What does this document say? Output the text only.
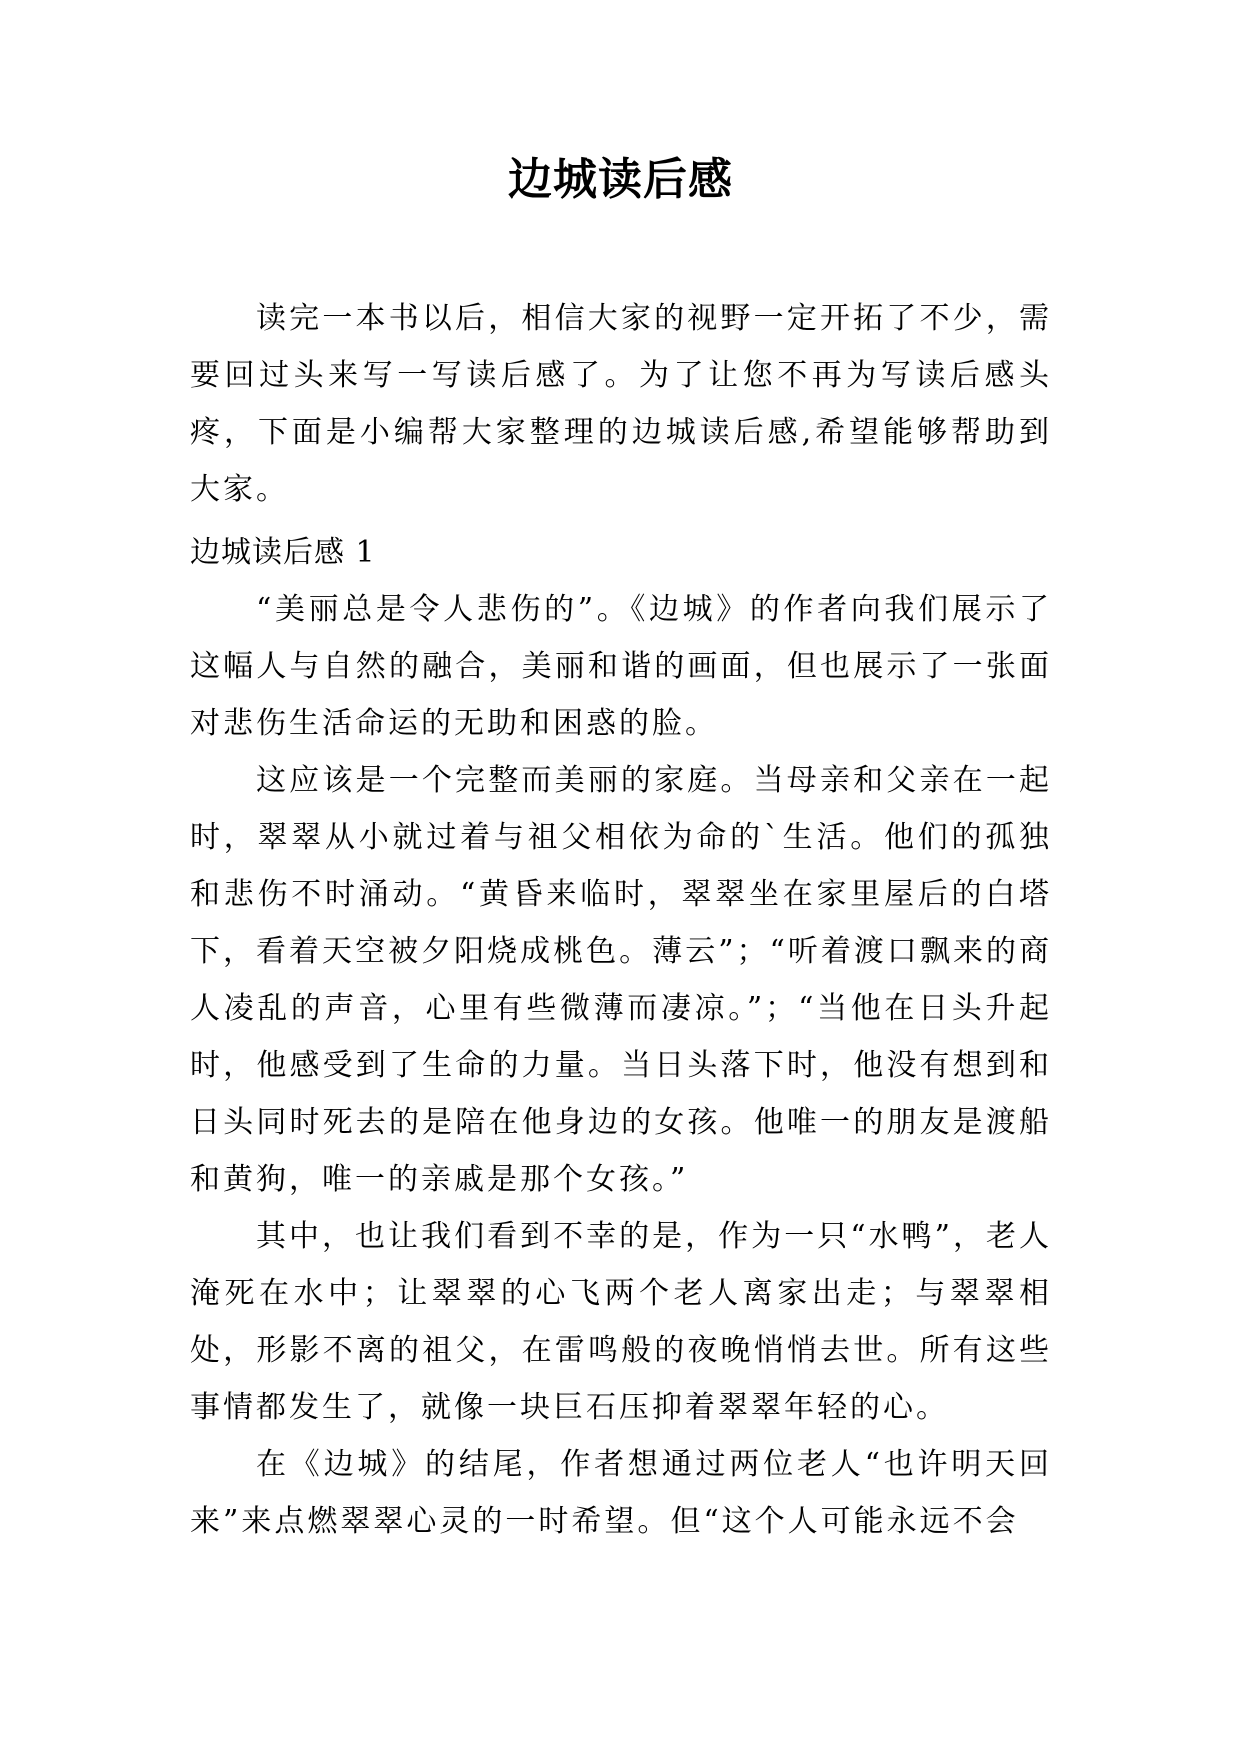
边城读后感

读完一本书以后，相信大家的视野一定开拓了不少，需要回过头来写一写读后感了。为了让您不再为写读后感头疼，下面是小编帮大家整理的边城读后感,希望能够帮助到大家。

边城读后感 1

“美丽总是令人悲伤的”。《边城》的作者向我们展示了这幅人与自然的融合，美丽和谐的画面，但也展示了一张面对悲伤生活命运的无助和困惑的脸。

这应该是一个完整而美丽的家庭。当母亲和父亲在一起时，翠翠从小就过着与祖父相依为命的`生活。他们的孤独和悲伤不时涌动。“黄昏来临时，翠翠坐在家里屋后的白塔下，看着天空被夕阳烧成桃色。薄云”；“听着渡口飘来的商人凌乱的声音，心里有些微薄而凄凉。”；“当他在日头升起时，他感受到了生命的力量。当日头落下时，他没有想到和日头同时死去的是陪在他身边的女孩。他唯一的朋友是渡船和黄狗，唯一的亲戚是那个女孩。”

其中，也让我们看到不幸的是，作为一只“水鸭”，老人淹死在水中；让翠翠的心飞两个老人离家出走；与翠翠相处，形影不离的祖父，在雷鸣般的夜晚悄悄去世。所有这些事情都发生了，就像一块巨石压抑着翠翠年轻的心。

在《边城》的结尾，作者想通过两位老人“也许明天回来”来点燃翠翠心灵的一时希望。但“这个人可能永远不会
